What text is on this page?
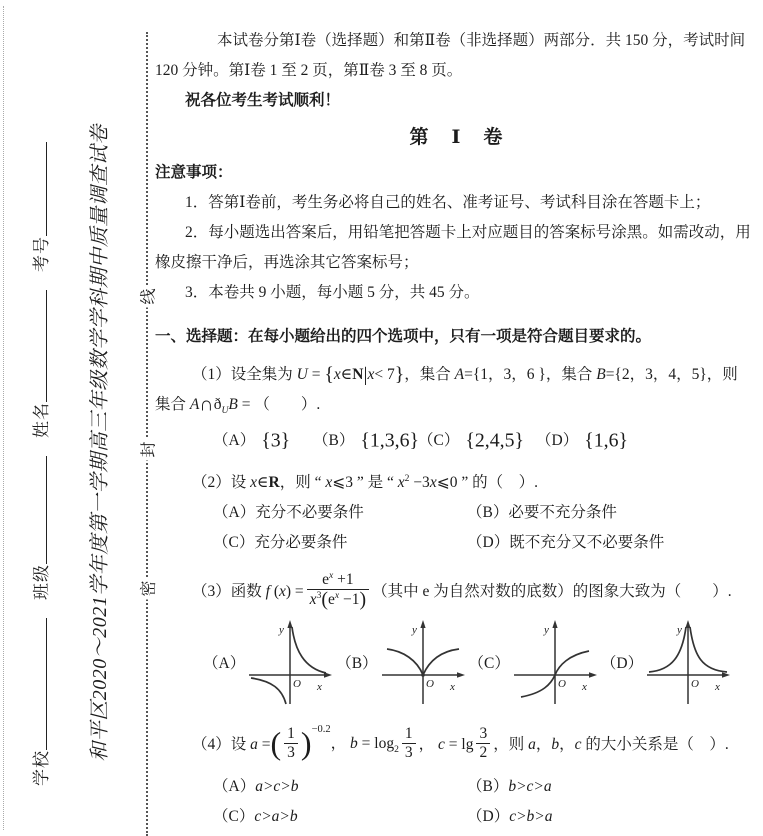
线
封
密
学校
班级
姓名
考号	和平区2020～2021学年度第一学期高三年级数学学科期中质量调查试卷
本试卷分第Ⅰ卷（选择题）和第Ⅱ卷（非选择题）两部分．共 150 分，考试时间
120 分钟。第Ⅰ卷 1 至 2 页，第Ⅱ卷 3 至 8 页。
祝各位考生考试顺利！
第　Ⅰ　卷
注意事项：
1．答第Ⅰ卷前，考生务必将自己的姓名、准考证号、考试科目涂在答题卡上；
2．每小题选出答案后，用铅笔把答题卡上对应题目的答案标号涂黑。如需改动，用
橡皮擦干净后，再选涂其它答案标号；
3．本卷共 9 小题，每小题 5 分，共 45 分。
一、选择题：在每小题给出的四个选项中，只有一项是符合题目要求的。
（1）设全集为 U = {x∈N|x< 7}，集合 A={1，3，6 }，集合 B={2，3，4，5}，则
集合 $A\cap ð_UB$ = （　　）.
（A） {3}	（B） {1,3,6}
（C） {2,4,5} （D） {1,6}
（2）设 x∈R，则 “ x⩽3 ” 是 “ $x^2$ −3x⩽0 ” 的（　）.
（A）充分不必要条件	（B）必要不充分条件
（C）充分必要条件	（D）既不充分又不必要条件
（3）函数 f $(x) = \frac{e^x +1}{x^3(e^x -1)}$ （其中 e 为自然对数的底数）的图象大致为（　　）.
（A）
y
O x
（B）
y
O x
（C）
y
O x
（D）
y
O x
（4）设 a = ( $\frac{1}{3}$ ) −0.2
， $b = \log_2 \frac{1}{3}$ ， $c = \lg \frac{3}{2}$ ，则 a，b，c 的大小关系是（　）.
（A）a>c>b	（B）b>c>a
（C）c>a>b	（D）c>b>a
